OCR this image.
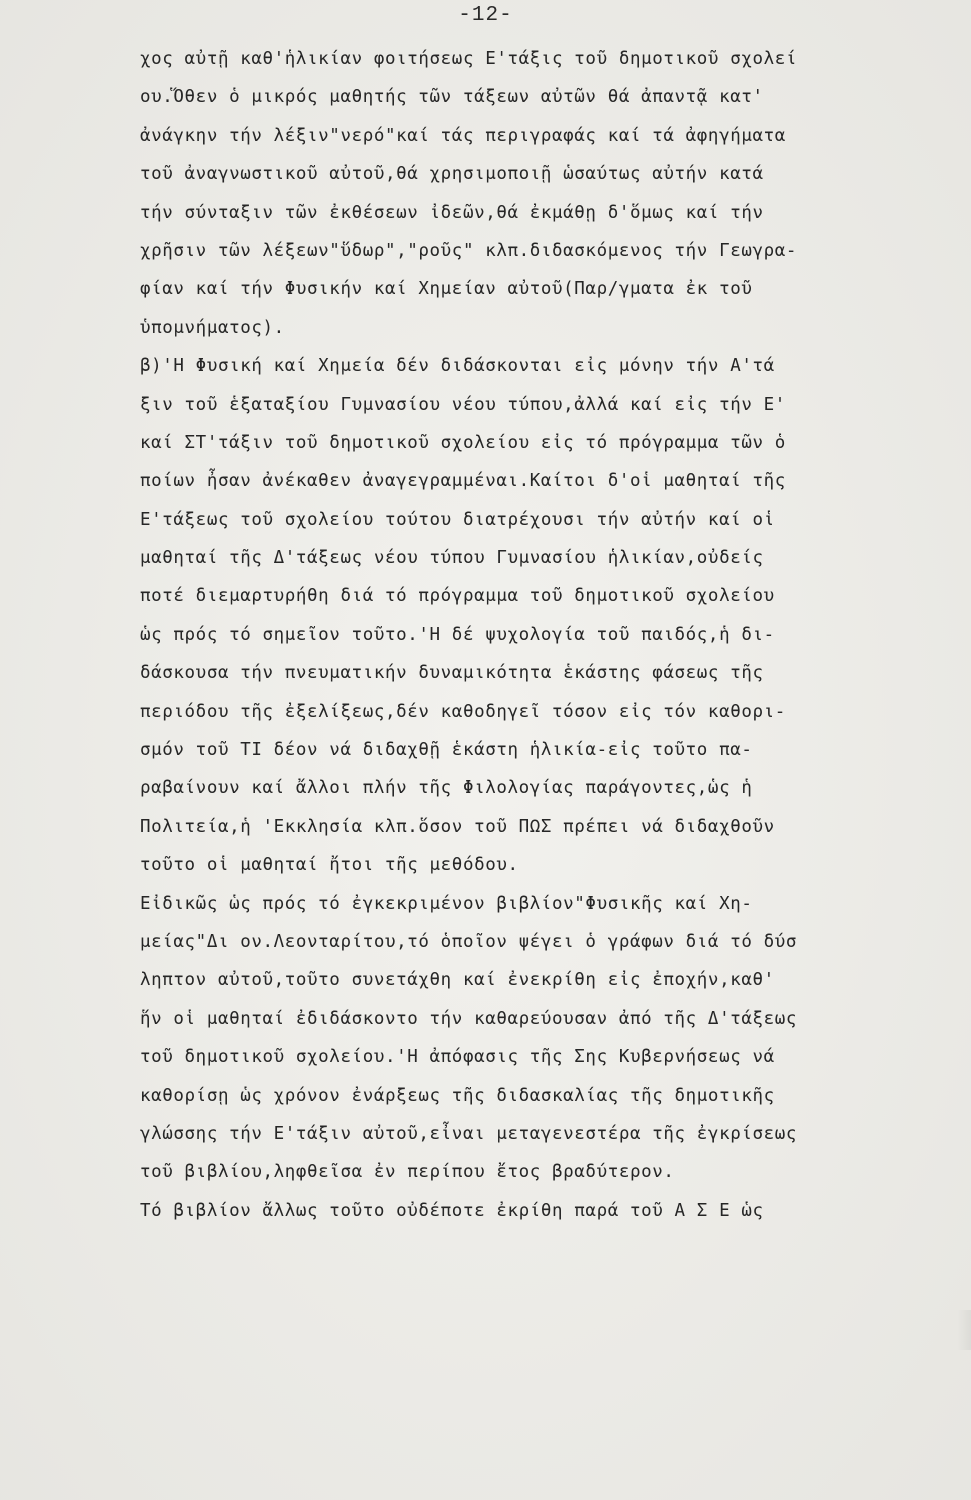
-12-
χος αὐτῇ καθ'ἡλικίαν φοιτήσεως Ε'τάξις τοῦ δημοτικοῦ σχολεί
ου.Ὅθεν ὁ μικρός μαθητής τῶν τάξεων αὐτῶν θά ἀπαντᾷ κατ'
ἀνάγκην τήν λέξιν"νερό"καί τάς περιγραφάς καί τά ἀφηγήματα
τοῦ ἀναγνωστικοῦ αὐτοῦ,θά χρησιμοποιῇ ὡσαύτως αὐτήν κατά
τήν σύνταξιν τῶν ἐκθέσεων ἰδεῶν,θά ἐκμάθῃ δ'ὅμως καί τήν
χρῆσιν τῶν λέξεων"ὕδωρ","ροῦς" κλπ.διδασκόμενος τήν Γεωγρα-
φίαν καί τήν Φυσικήν καί Χημείαν αὐτοῦ(Παρ/γματα ἐκ τοῦ
ὑπομνήματος).
β)'Η Φυσική καί Χημεία δέν διδάσκονται εἰς μόνην τήν Α'τά
ξιν τοῦ ἑξαταξίου Γυμνασίου νέου τύπου,ἀλλά καί εἰς τήν Ε'
καί ΣΤ'τάξιν τοῦ δημοτικοῦ σχολείου εἰς τό πρόγραμμα τῶν ὁ
ποίων ἦσαν ἀνέκαθεν ἀναγεγραμμέναι.Καίτοι δ'οἱ μαθηταί τῆς
Ε'τάξεως τοῦ σχολείου τούτου διατρέχουσι τήν αὐτήν καί οἱ
μαθηταί τῆς Δ'τάξεως νέου τύπου Γυμνασίου ἡλικίαν,οὐδείς
ποτέ διεμαρτυρήθη διά τό πρόγραμμα τοῦ δημοτικοῦ σχολείου
ὡς πρός τό σημεῖον τοῦτο.'Η δέ ψυχολογία τοῦ παιδός,ἡ δι-
δάσκουσα τήν πνευματικήν δυναμικότητα ἑκάστης φάσεως τῆς
περιόδου τῆς ἐξελίξεως,δέν καθοδηγεῖ τόσον εἰς τόν καθορι-
σμόν τοῦ ΤΙ δέον νά διδαχθῇ ἑκάστη ἡλικία-εἰς τοῦτο πα-
ραβαίνουν καί ἄλλοι πλήν τῆς Φιλολογίας παράγοντες,ὡς ἡ
Πολιτεία,ἡ 'Εκκλησία κλπ.ὅσον τοῦ ΠΩΣ πρέπει νά διδαχθοῦν
τοῦτο οἱ μαθηταί ἤτοι τῆς μεθόδου.
Εἰδικῶς ὡς πρός τό ἐγκεκριμένον βιβλίον"Φυσικῆς καί Χη-
μείας"Δι ον.Λεονταρίτου,τό ὁποῖον ψέγει ὁ γράφων διά τό δύσ
ληπτον αὐτοῦ,τοῦτο συνετάχθη καί ἐνεκρίθη εἰς ἐποχήν,καθ'
ἥν οἱ μαθηταί ἐδιδάσκοντο τήν καθαρεύουσαν ἀπό τῆς Δ'τάξεως
τοῦ δημοτικοῦ σχολείου.'Η ἀπόφασις τῆς Σης Κυβερνήσεως νά
καθορίσῃ ὡς χρόνον ἐνάρξεως τῆς διδασκαλίας τῆς δημοτικῆς
γλώσσης τήν Ε'τάξιν αὐτοῦ,εἶναι μεταγενεστέρα τῆς ἐγκρίσεως
τοῦ βιβλίου,ληφθεῖσα ἐν περίπου ἔτος βραδύτερον.
Τό βιβλίον ἄλλως τοῦτο οὐδέποτε ἐκρίθη παρά τοῦ Α Σ Ε ὡς
